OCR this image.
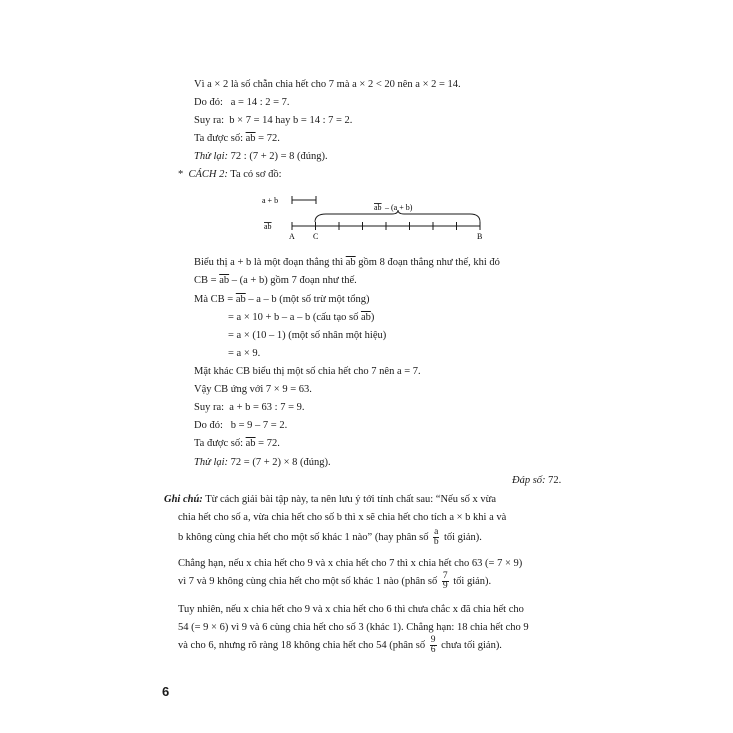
Vì a × 2 là số chẵn chia hết cho 7 mà a × 2 < 20 nên a × 2 = 14.
Do đó:   a = 14 : 2 = 7.
Suy ra:  b × 7 = 14 hay b = 14 : 7 = 2.
Ta được số: $\overline{ab} = 72$.
Thử lại: 72 : (7 + 2) = 8 (đúng).
* CÁCH 2: Ta có sơ đồ:
a + b
ab – (a + b)
ab
A C	B
Biểu thị a + b là một đoạn thẳng thì $\overline{ab}$ gồm 8 đoạn thẳng như thế, khi đó
CB = $\overline{ab} - (a + b)$ gồm 7 đoạn như thế.
Mà CB = $\overline{ab}$ – a – b (một số trừ một tổng)
= a × 10 + b – a – b (cấu tạo số $\overline{ab}$)
= a × (10 – 1) (một số nhân một hiệu)
= a × 9.
Mặt khác CB biểu thị một số chia hết cho 7 nên a = 7.
Vậy CB ứng với 7 × 9 = 63.
Suy ra:  a + b = 63 : 7 = 9.
Do đó:   b = 9 – 7 = 2.
Ta được số: $\overline{ab} = 72$.
Thử lại: 72 = (7 + 2) × 8 (đúng).
Đáp số: 72.
Ghi chú: Từ cách giải bài tập này, ta nên lưu ý tới tính chất sau: “Nếu số x vừa
chia hết cho số a, vừa chia hết cho số b thì x sẽ chia hết cho tích a × b khi a và
b không cùng chia hết cho một số khác 1 nào” (hay phân số $\frac{a}{b}$ tối giản).
Chẳng hạn, nếu x chia hết cho 9 và x chia hết cho 7 thì x chia hết cho 63 (= 7 × 9)
vì 7 và 9 không cùng chia hết cho một số khác 1 nào (phân số $\frac{7}{9}$ tối giản).
Tuy nhiên, nếu x chia hết cho 9 và x chia hết cho 6 thì chưa chắc x đã chia hết cho
54 (= 9 × 6) vì 9 và 6 cùng chia hết cho số 3 (khác 1). Chẳng hạn: 18 chia hết cho 9
và cho 6, nhưng rõ ràng 18 không chia hết cho 54 (phân số $\frac{9}{6}$ chưa tối giản).
6
